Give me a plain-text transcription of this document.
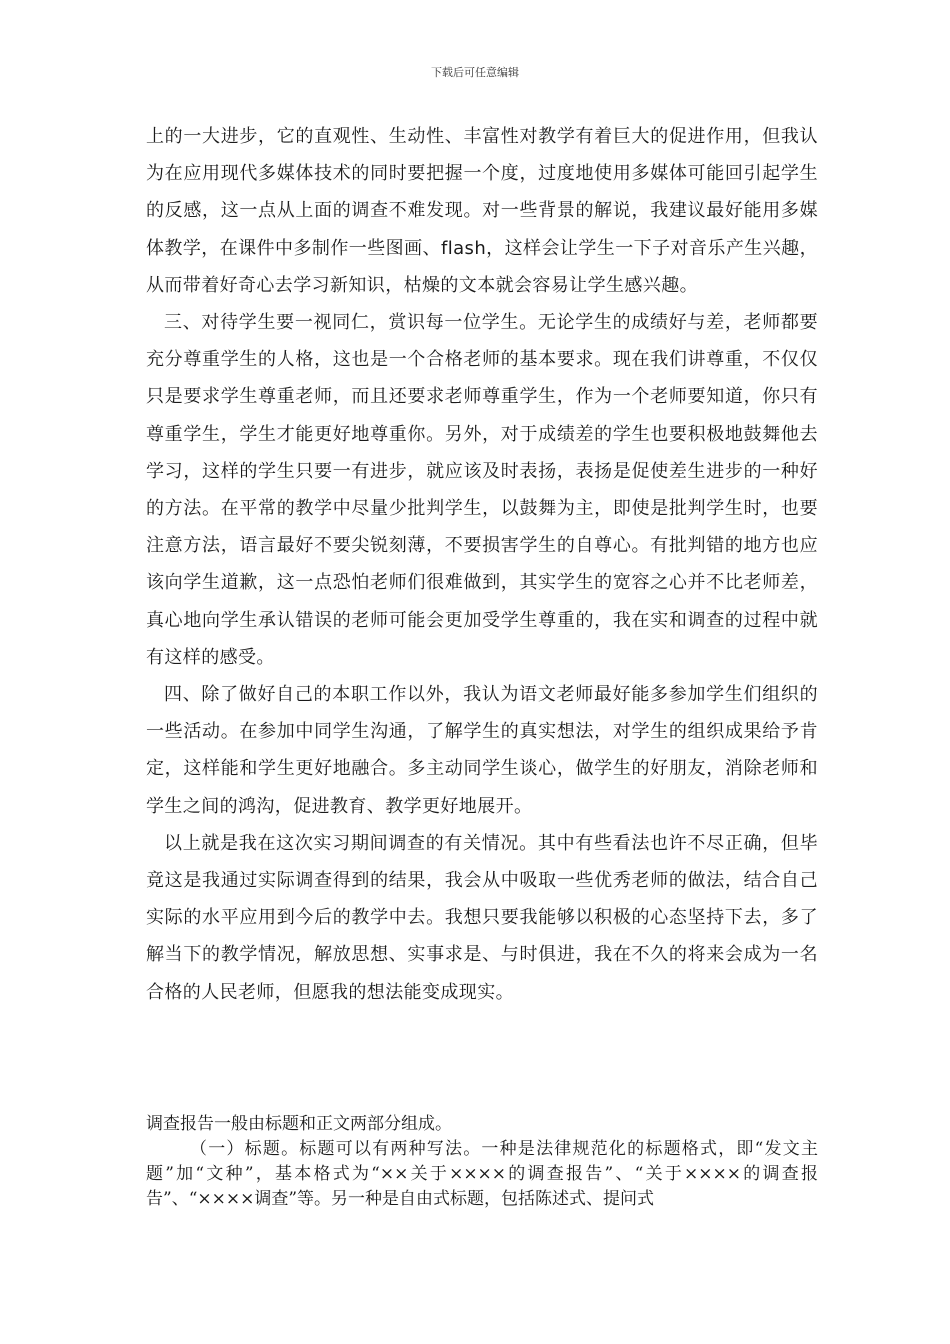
下载后可任意编辑

上的一大进步，它的直观性、生动性、丰富性对教学有着巨大的促进作用，但我认为在应用现代多媒体技术的同时要把握一个度，过度地使用多媒体可能回引起学生的反感，这一点从上面的调查不难发现。对一些背景的解说，我建议最好能用多媒体教学，在课件中多制作一些图画、flash，这样会让学生一下子对音乐产生兴趣，从而带着好奇心去学习新知识，枯燥的文本就会容易让学生感兴趣。

三、对待学生要一视同仁，赏识每一位学生。无论学生的成绩好与差，老师都要充分尊重学生的人格，这也是一个合格老师的基本要求。现在我们讲尊重，不仅仅只是要求学生尊重老师，而且还要求老师尊重学生，作为一个老师要知道，你只有尊重学生，学生才能更好地尊重你。另外，对于成绩差的学生也要积极地鼓舞他去学习，这样的学生只要一有进步，就应该及时表扬，表扬是促使差生进步的一种好的方法。在平常的教学中尽量少批判学生，以鼓舞为主，即使是批判学生时，也要注意方法，语言最好不要尖锐刻薄，不要损害学生的自尊心。有批判错的地方也应该向学生道歉，这一点恐怕老师们很难做到，其实学生的宽容之心并不比老师差，真心地向学生承认错误的老师可能会更加受学生尊重的，我在实和调查的过程中就有这样的感受。

四、除了做好自己的本职工作以外，我认为语文老师最好能多参加学生们组织的一些活动。在参加中同学生沟通，了解学生的真实想法，对学生的组织成果给予肯定，这样能和学生更好地融合。多主动同学生谈心，做学生的好朋友，消除老师和学生之间的鸿沟，促进教育、教学更好地展开。

以上就是我在这次实习期间调查的有关情况。其中有些看法也许不尽正确，但毕竟这是我通过实际调查得到的结果，我会从中吸取一些优秀老师的做法，结合自己实际的水平应用到今后的教学中去。我想只要我能够以积极的心态坚持下去，多了解当下的教学情况，解放思想、实事求是、与时俱进，我在不久的将来会成为一名合格的人民老师，但愿我的想法能变成现实。

调查报告一般由标题和正文两部分组成。

（一）标题。标题可以有两种写法。一种是法律规范化的标题格式，即“发文主题”加“文种”，基本格式为“××关于××××的调查报告”、“关于××××的调查报告”、“××××调查”等。另一种是自由式标题，包括陈述式、提问式
